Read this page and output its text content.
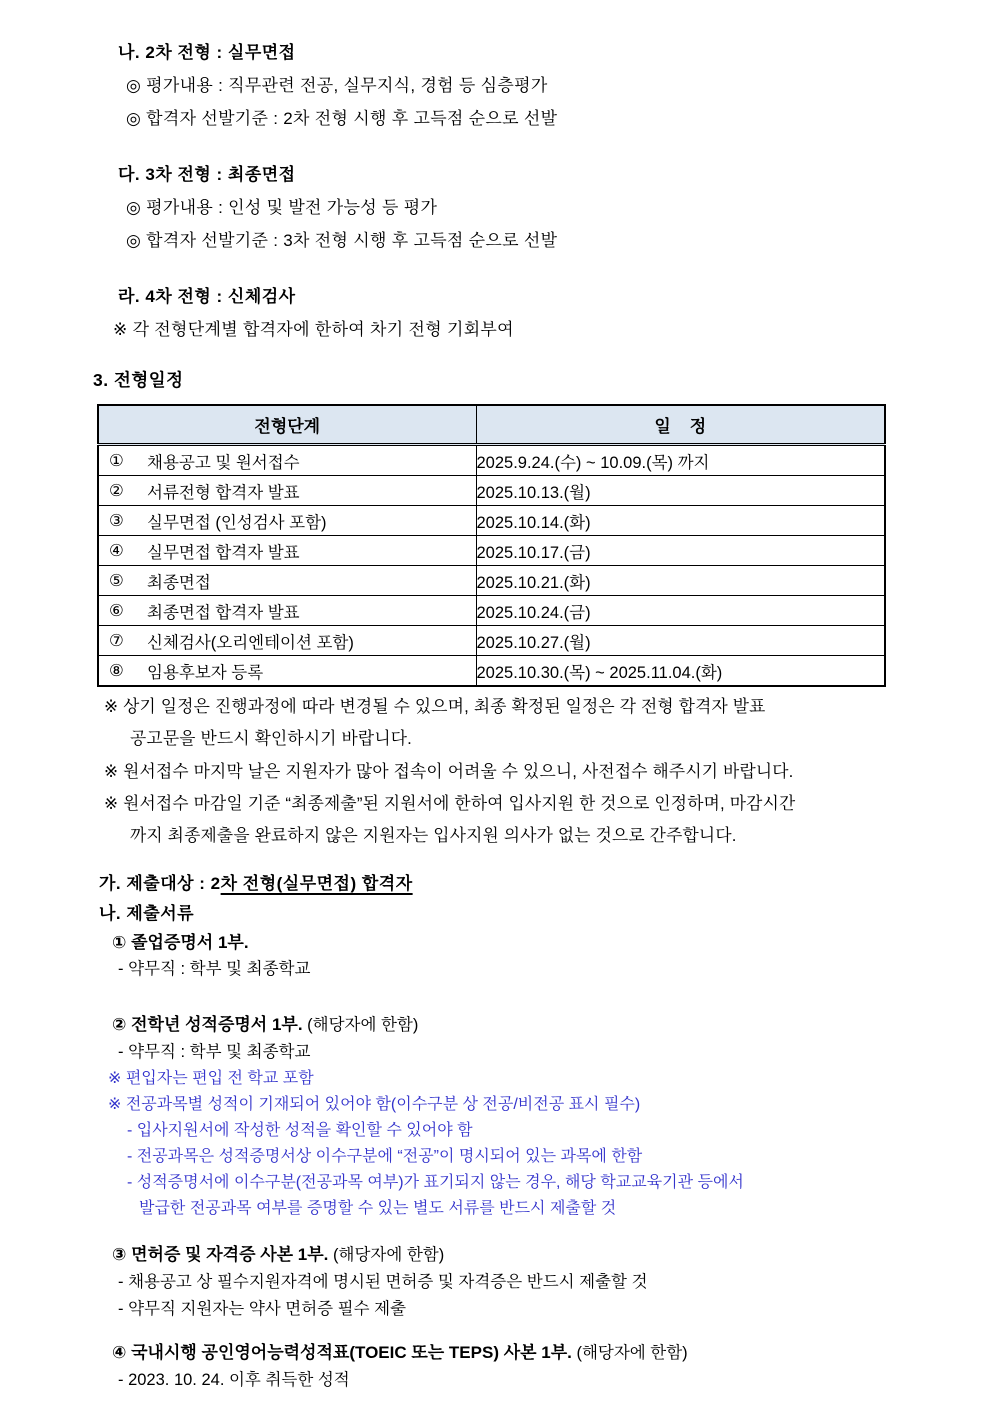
나. 2차 전형 : 실무면접
◎ 평가내용 : 직무관련 전공, 실무지식, 경험 등 심층평가
◎ 합격자 선발기준 : 2차 전형 시행 후 고득점 순으로 선발
다. 3차 전형 : 최종면접
◎ 평가내용 : 인성 및 발전 가능성 등 평가
◎ 합격자 선발기준 : 3차 전형 시행 후 고득점 순으로 선발
라. 4차 전형 : 신체검사
※ 각 전형단계별 합격자에 한하여 차기 전형 기회부여
3. 전형일정
전형단계	일    정

① 채용공고 및 원서접수	2025.9.24.(수) ~ 10.09.(목) 까지

② 서류전형 합격자 발표	2025.10.13.(월)

③ 실무면접 (인성검사 포함)	2025.10.14.(화)

④ 실무면접 합격자 발표	2025.10.17.(금)

⑤ 최종면접	2025.10.21.(화)

⑥ 최종면접 합격자 발표	2025.10.24.(금)

⑦ 신체검사(오리엔테이션 포함)	2025.10.27.(월)

⑧ 임용후보자 등록	2025.10.30.(목) ~ 2025.11.04.(화)
※ 상기 일정은 진행과정에 따라 변경될 수 있으며, 최종 확정된 일정은 각 전형 합격자 발표
공고문을 반드시 확인하시기 바랍니다.
※ 원서접수 마지막 날은 지원자가 많아 접속이 어려울 수 있으니, 사전접수 해주시기 바랍니다.
※ 원서접수 마감일 기준 “최종제출”된 지원서에 한하여 입사지원 한 것으로 인정하며, 마감시간
까지 최종제출을 완료하지 않은 지원자는 입사지원 의사가 없는 것으로 간주합니다.
가. 제출대상 : 2차 전형(실무면접) 합격자
나. 제출서류
① 졸업증명서 1부.
- 약무직 : 학부 및 최종학교
② 전학년 성적증명서 1부. (해당자에 한함)
- 약무직 : 학부 및 최종학교
※ 편입자는 편입 전 학교 포함
※ 전공과목별 성적이 기재되어 있어야 함(이수구분 상 전공/비전공 표시 필수)
- 입사지원서에 작성한 성적을 확인할 수 있어야 함
- 전공과목은 성적증명서상 이수구분에 “전공”이 명시되어 있는 과목에 한함
- 성적증명서에 이수구분(전공과목 여부)가 표기되지 않는 경우, 해당 학교교육기관 등에서
발급한 전공과목 여부를 증명할 수 있는 별도 서류를 반드시 제출할 것
③ 면허증 및 자격증 사본 1부. (해당자에 한함)
- 채용공고 상 필수지원자격에 명시된 면허증 및 자격증은 반드시 제출할 것
- 약무직 지원자는 약사 면허증 필수 제출
④ 국내시행 공인영어능력성적표(TOEIC 또는 TEPS) 사본 1부. (해당자에 한함)
- 2023. 10. 24. 이후 취득한 성적
